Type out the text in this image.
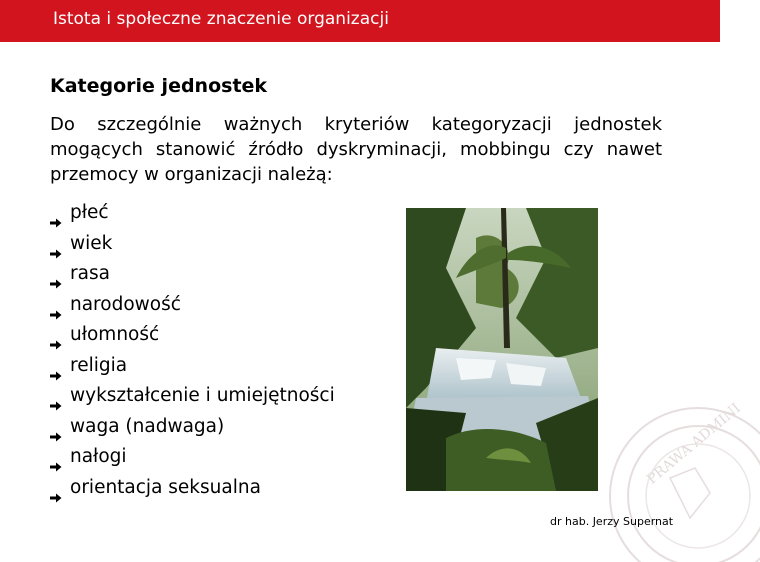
Istota i społeczne znaczenie organizacji
Kategorie jednostek
Do szczególnie ważnych kryteriów kategoryzacji jednostek mogących stanowić źródło dyskryminacji, mobbingu czy nawet przemocy w organizacji należą:
płeć
wiek
rasa
narodowość
ułomność
religia
wykształcenie i umiejętności
waga (nadwaga)
nałogi
orientacja seksualna	PRAWA ADMINI
dr hab. Jerzy Supernat
